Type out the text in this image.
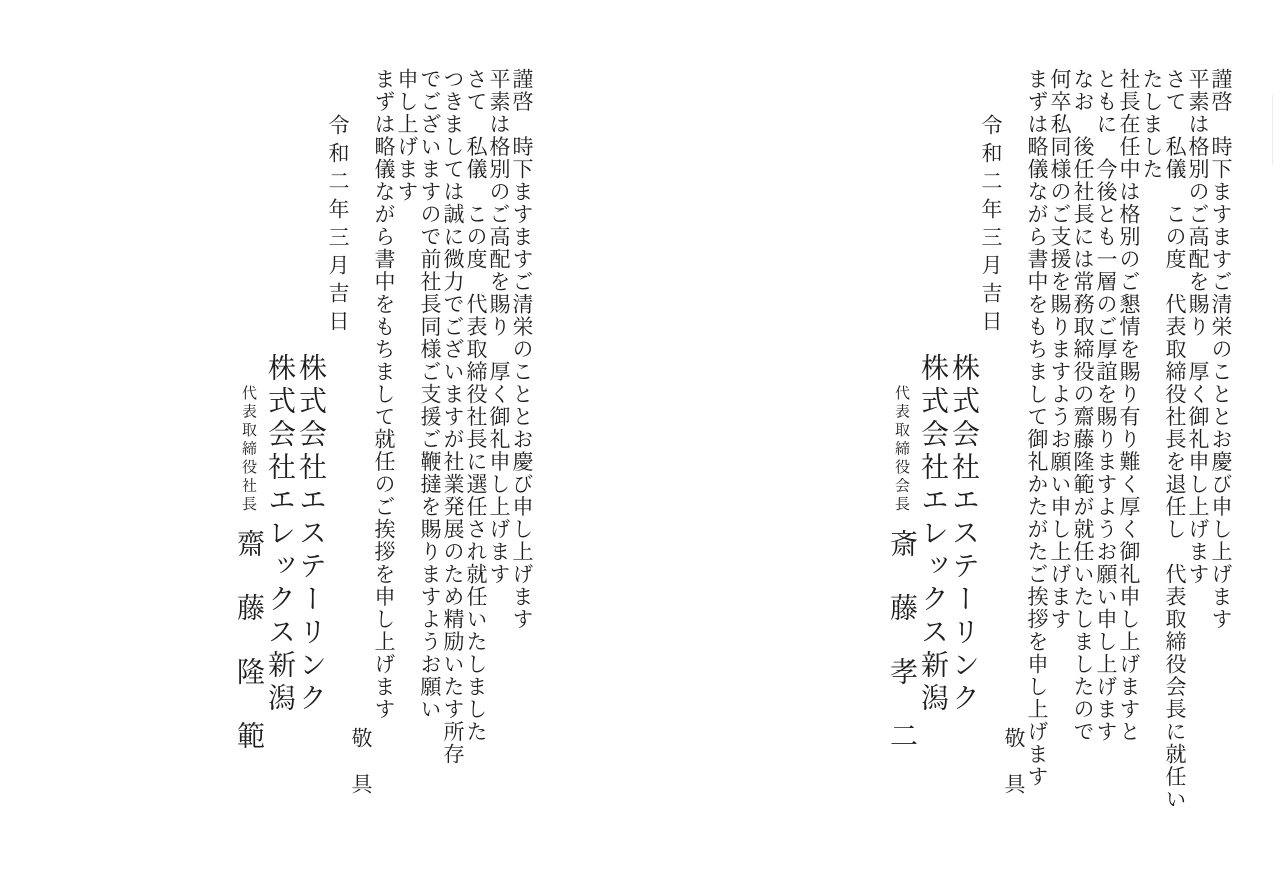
謹啓　時下ますますご清栄のこととお慶び申し上げます

平素は格別のご高配を賜り　厚く御礼申し上げます

さて　私儀　この度　代表取締役社長を退任し　代表取締役会長に就任い

たしました

社長在任中は格別のご懇情を賜り有り難く厚く御礼申し上げますと

ともに　今後とも一層のご厚誼を賜りますようお願い申し上げます

なお　後任社長には常務取締役の齋藤隆範が就任いたしましたので

何卒私同様のご支援を賜りますようお願い申し上げます

まずは略儀ながら書中をもちまして御礼かたがたご挨拶を申し上げます

敬　具

令和二年三月吉日

株式会社エステーリンク

株式会社エレックス新潟

代表取締役会長斎　藤　孝　二

謹啓　時下ますますご清栄のこととお慶び申し上げます

平素は格別のご高配を賜り　厚く御礼申し上げます

さて　私儀　この度　代表取締役社長に選任され就任いたしました

つきましては誠に微力でございますが社業発展のため精励いたす所存

でございますので前社長同様ご支援ご鞭撻を賜りますようお願い

申し上げます

まずは略儀ながら書中をもちまして就任のご挨拶を申し上げます

敬　具

令和二年三月吉日

株式会社エステーリンク

株式会社エレックス新潟

代表取締役社長齋　藤　隆　範
